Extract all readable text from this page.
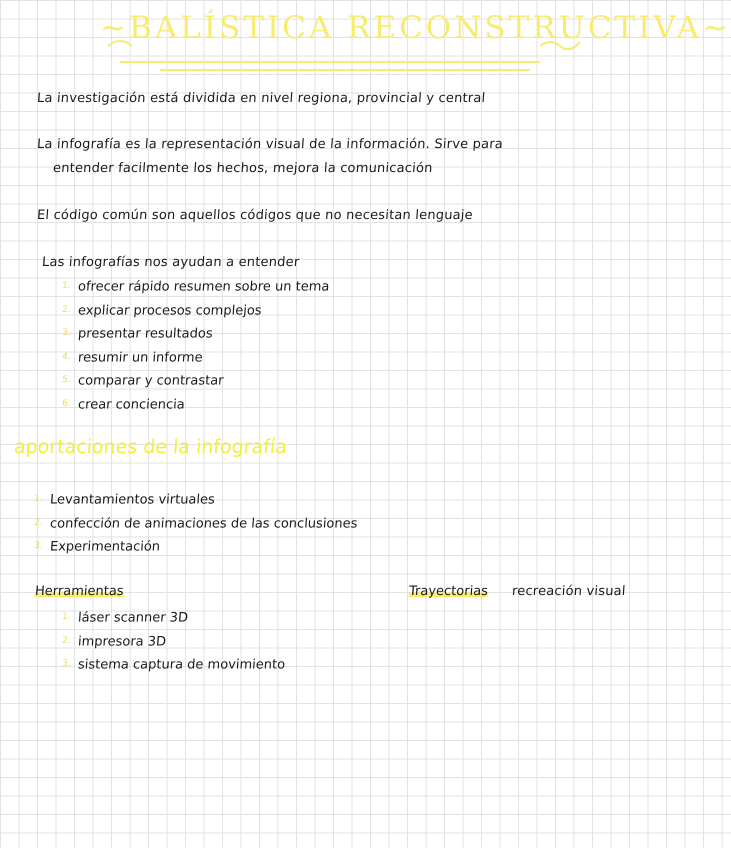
~BALÍSTICA RECONSTRUCTIVA~
La investigación está dividida en nivel regiona, provincial y central
La infografía es la representación visual de la información. Sirve para
entender facilmente los hechos, mejora la comunicación
El código común son aquellos códigos que no necesitan lenguaje
Las infografías nos ayudan a entender
1. ofrecer rápido resumen sobre un tema
2. explicar procesos complejos
3. presentar resultados
4. resumir un informe
5. comparar y contrastar
6. crear conciencia
aportaciones de la infografía
1. Levantamientos virtuales
2. confección de animaciones de las conclusiones
3. Experimentación
Herramientas
1. láser scanner 3D
2. impresora 3D
3. sistema captura de movimiento
Trayectorias recreación visual
